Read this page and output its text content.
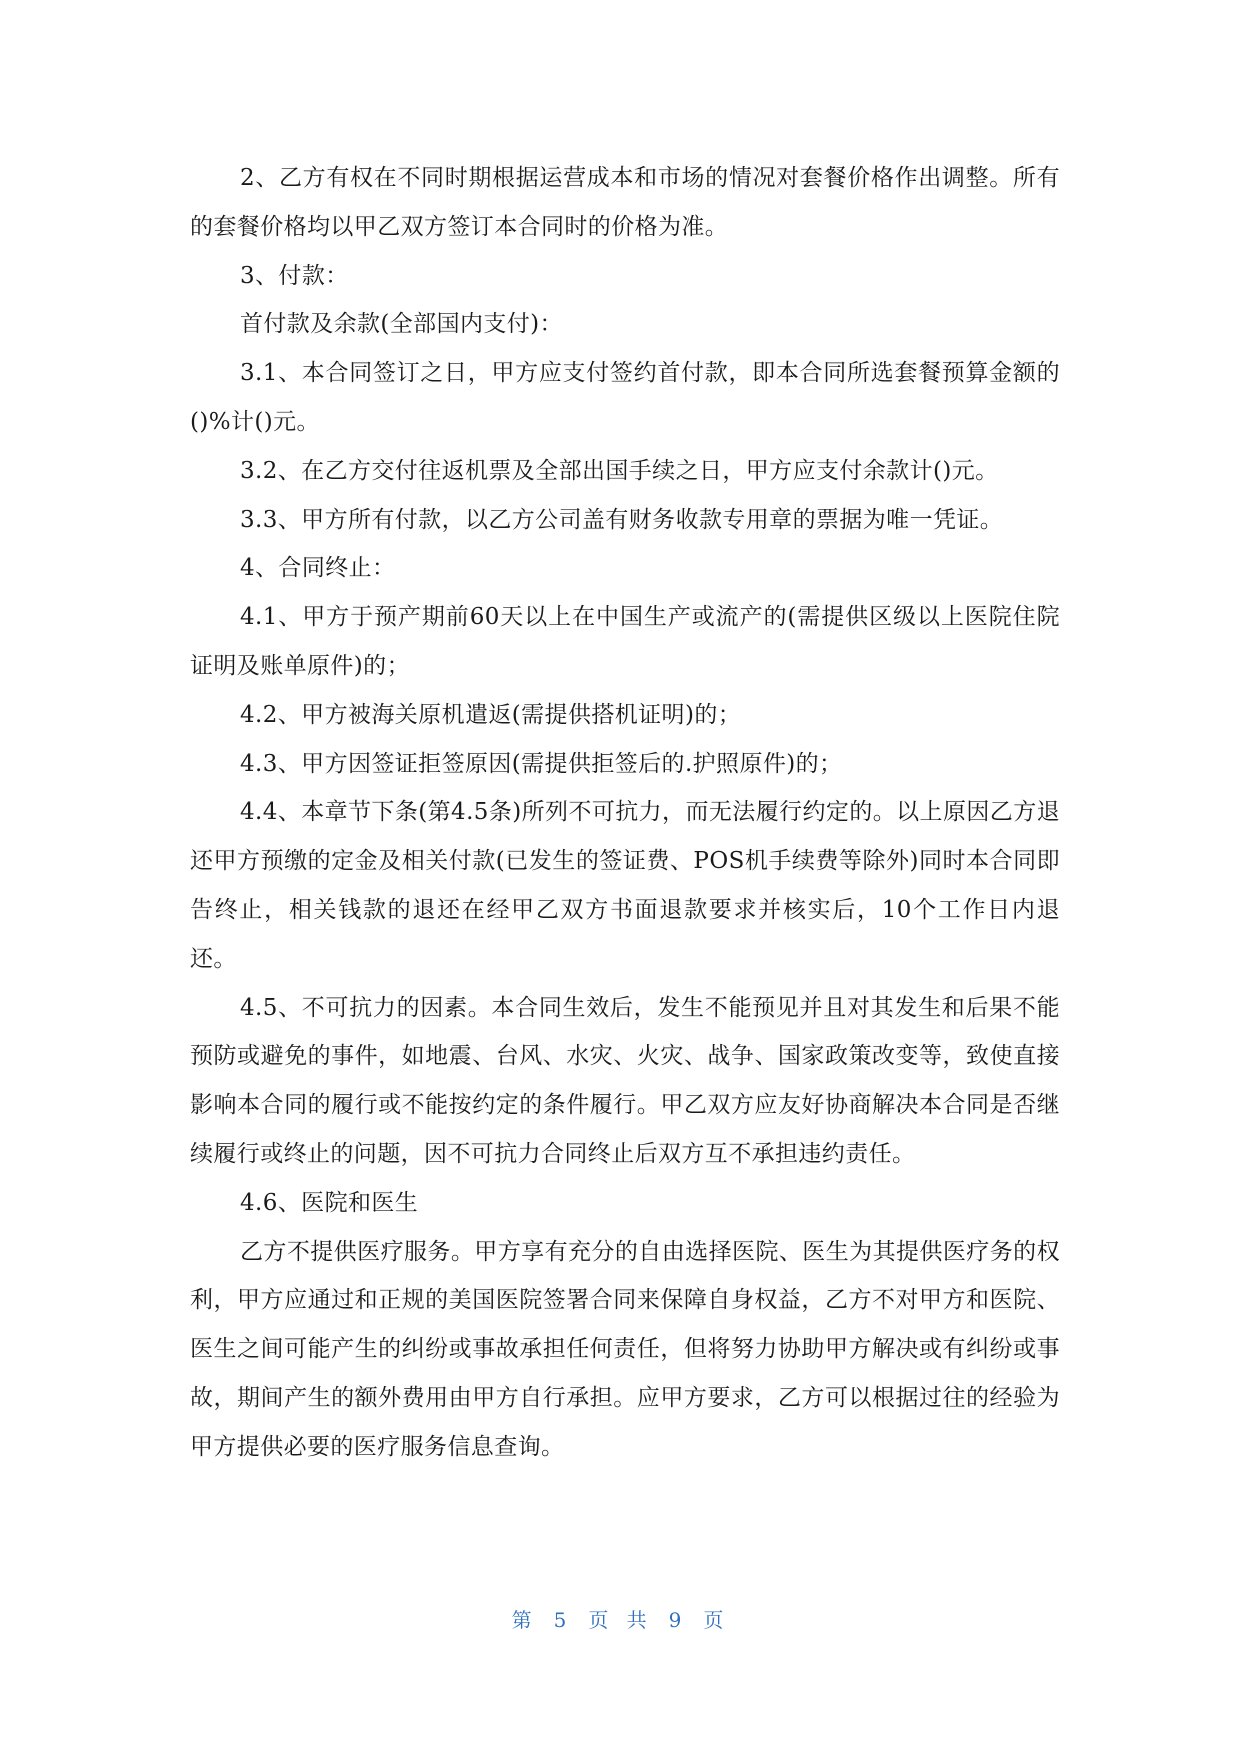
2、乙方有权在不同时期根据运营成本和市场的情况对套餐价格作出调整。所有的套餐价格均以甲乙双方签订本合同时的价格为准。

3、付款：

首付款及余款(全部国内支付)：

3.1、本合同签订之日，甲方应支付签约首付款，即本合同所选套餐预算金额的()%计()元。

3.2、在乙方交付往返机票及全部出国手续之日，甲方应支付余款计()元。

3.3、甲方所有付款，以乙方公司盖有财务收款专用章的票据为唯一凭证。

4、合同终止：

4.1、甲方于预产期前60天以上在中国生产或流产的(需提供区级以上医院住院证明及账单原件)的；

4.2、甲方被海关原机遣返(需提供搭机证明)的；

4.3、甲方因签证拒签原因(需提供拒签后的.护照原件)的；

4.4、本章节下条(第4.5条)所列不可抗力，而无法履行约定的。以上原因乙方退还甲方预缴的定金及相关付款(已发生的签证费、POS机手续费等除外)同时本合同即告终止，相关钱款的退还在经甲乙双方书面退款要求并核实后，10个工作日内退还。

4.5、不可抗力的因素。本合同生效后，发生不能预见并且对其发生和后果不能预防或避免的事件，如地震、台风、水灾、火灾、战争、国家政策改变等，致使直接影响本合同的履行或不能按约定的条件履行。甲乙双方应友好协商解决本合同是否继续履行或终止的问题，因不可抗力合同终止后双方互不承担违约责任。

4.6、医院和医生

乙方不提供医疗服务。甲方享有充分的自由选择医院、医生为其提供医疗务的权利，甲方应通过和正规的美国医院签署合同来保障自身权益，乙方不对甲方和医院、医生之间可能产生的纠纷或事故承担任何责任，但将努力协助甲方解决或有纠纷或事故，期间产生的额外费用由甲方自行承担。应甲方要求，乙方可以根据过往的经验为甲方提供必要的医疗服务信息查询。

第 5 页 共 9 页
